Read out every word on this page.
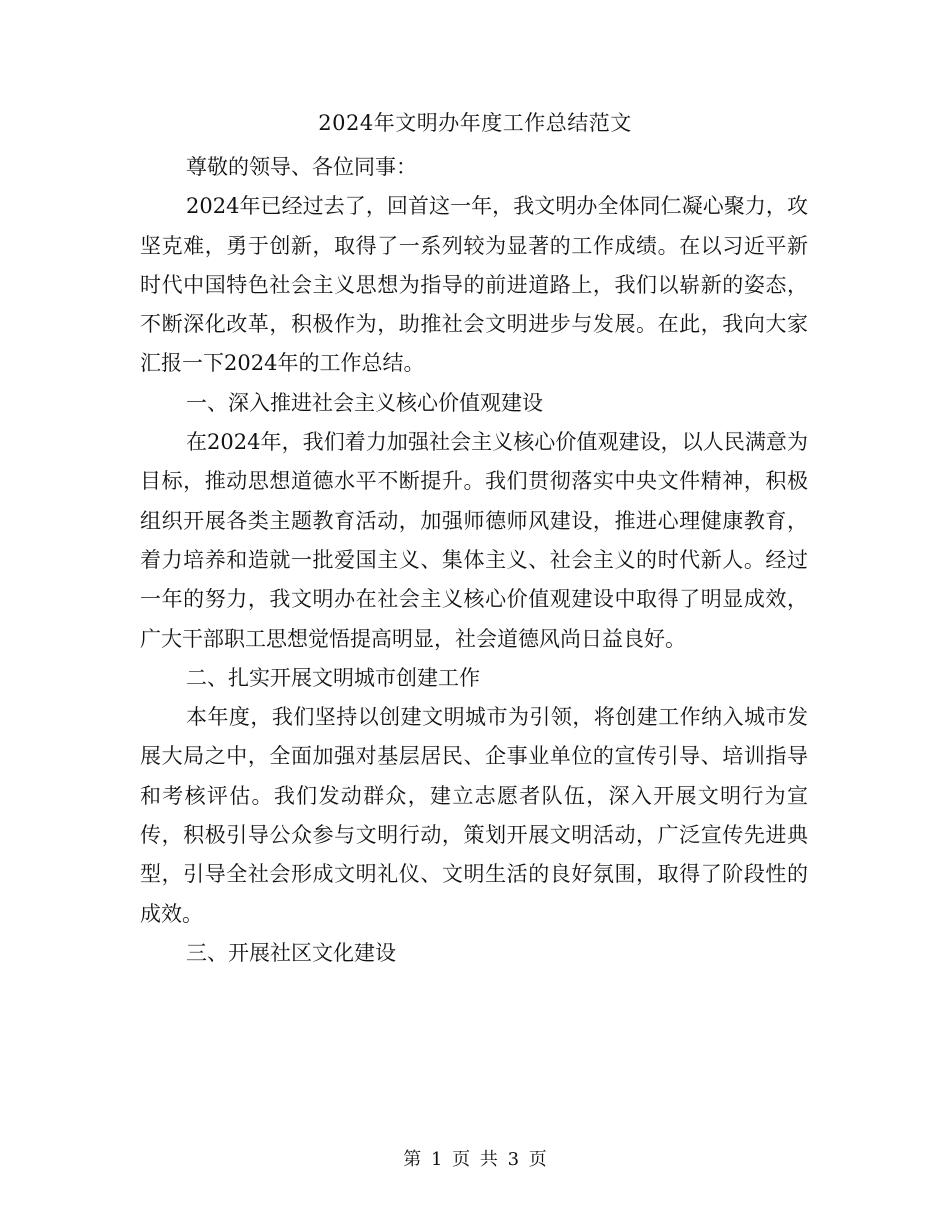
2024年文明办年度工作总结范文

尊敬的领导、各位同事：

2024年已经过去了，回首这一年，我文明办全体同仁凝心聚力，攻坚克难，勇于创新，取得了一系列较为显著的工作成绩。在以习近平新时代中国特色社会主义思想为指导的前进道路上，我们以崭新的姿态，不断深化改革，积极作为，助推社会文明进步与发展。在此，我向大家汇报一下2024年的工作总结。

一、深入推进社会主义核心价值观建设

在2024年，我们着力加强社会主义核心价值观建设，以人民满意为目标，推动思想道德水平不断提升。我们贯彻落实中央文件精神，积极组织开展各类主题教育活动，加强师德师风建设，推进心理健康教育，着力培养和造就一批爱国主义、集体主义、社会主义的时代新人。经过一年的努力，我文明办在社会主义核心价值观建设中取得了明显成效，广大干部职工思想觉悟提高明显，社会道德风尚日益良好。

二、扎实开展文明城市创建工作

本年度，我们坚持以创建文明城市为引领，将创建工作纳入城市发展大局之中，全面加强对基层居民、企事业单位的宣传引导、培训指导和考核评估。我们发动群众，建立志愿者队伍，深入开展文明行为宣传，积极引导公众参与文明行动，策划开展文明活动，广泛宣传先进典型，引导全社会形成文明礼仪、文明生活的良好氛围，取得了阶段性的成效。

三、开展社区文化建设

第 1 页 共 3 页
